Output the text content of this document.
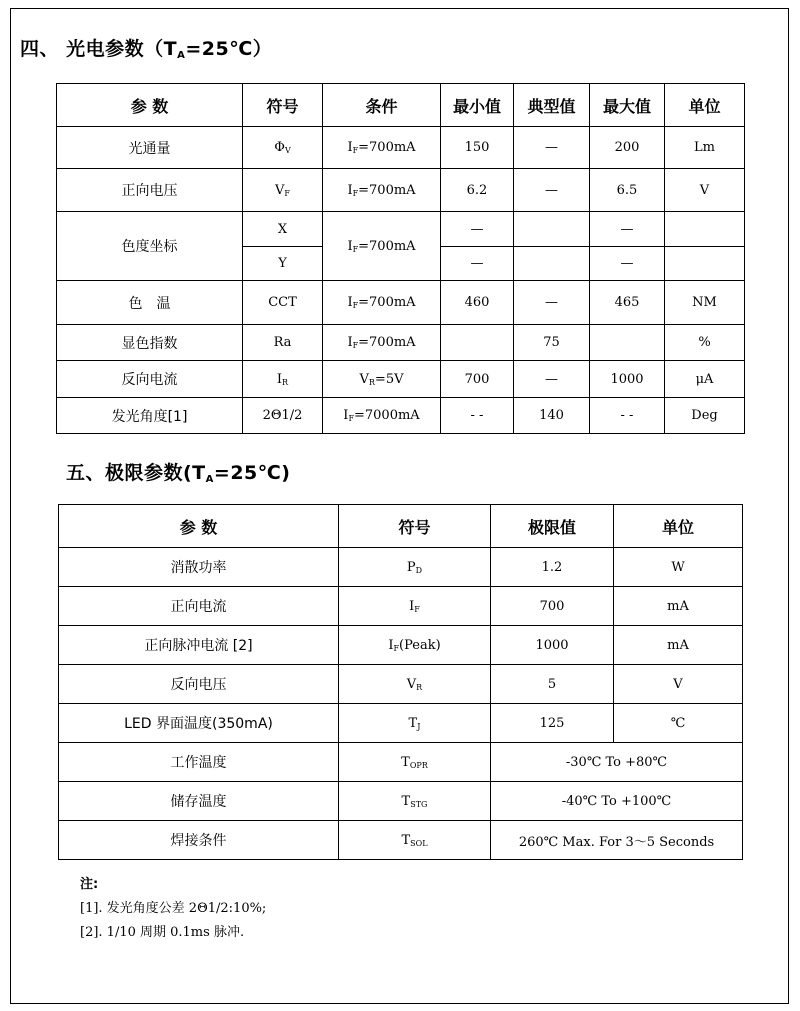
四、 光电参数$(T_A=25℃)$
参 数	符号	条件	最小值	典型值	最大值	单位
光通量	$\Phi_V$	$I_F=700mA$	150	—	200	Lm
正向电压	$V_F$	$I_F=700mA$	6.2	—	6.5	V
色度坐标	X	$I_F=700mA$	—		—	
	Y		—		—	
色　温	CCT	$I_F=700mA$	460	—	465	NM
显色指数	Ra	$I_F=700mA$		75		%
反向电流	$I_R$	$V_R=5V$	700	—	1000	μA
发光角度[1]	2Θ1/2	$I_F=7000mA$	- -	140	- -	Deg
五、极限参数$(T_A=25℃)$
参 数	符号	极限值	单位
消散功率	$P_D$	1.2	W
正向电流	$I_F$	700	mA
正向脉冲电流 [2]	$I_F(Peak)$	1000	mA
反向电压	$V_R$	5	V
LED 界面温度(350mA)	$T_J$	125	℃
工作温度	$T_{OPR}$	-30℃ To +80℃	
储存温度	$T_{STG}$	-40℃ To +100℃	
焊接条件	$T_{SOL}$	260℃ Max. For 3～5 Seconds	
注:
[1]. 发光角度公差 2Θ1/2:10%;
[2]. 1/10 周期 0.1ms 脉冲.
